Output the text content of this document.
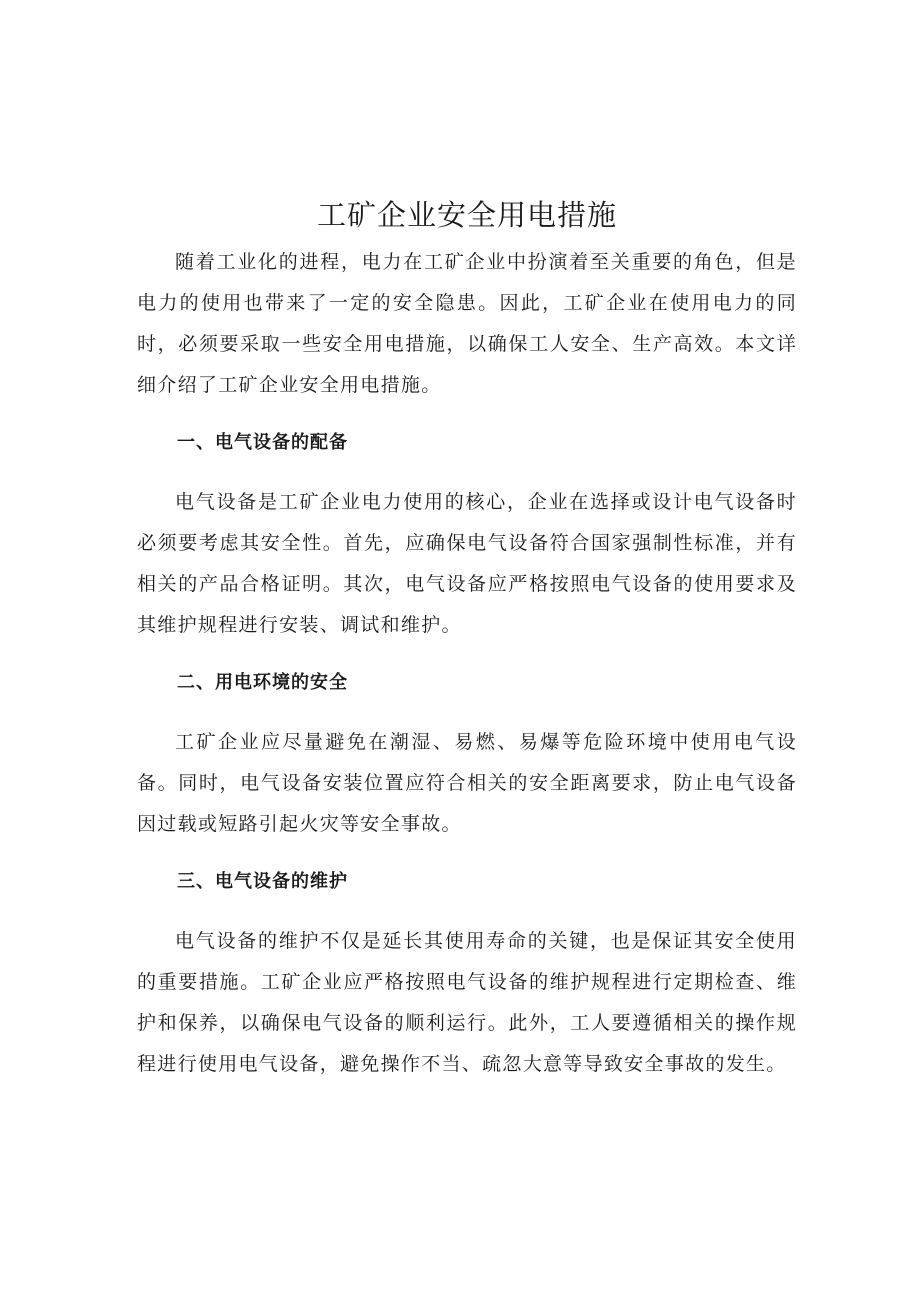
工矿企业安全用电措施

随着工业化的进程，电力在工矿企业中扮演着至关重要的角色，但是电力的使用也带来了一定的安全隐患。因此，工矿企业在使用电力的同时，必须要采取一些安全用电措施，以确保工人安全、生产高效。本文详细介绍了工矿企业安全用电措施。

一、电气设备的配备

电气设备是工矿企业电力使用的核心，企业在选择或设计电气设备时必须要考虑其安全性。首先，应确保电气设备符合国家强制性标准，并有相关的产品合格证明。其次，电气设备应严格按照电气设备的使用要求及其维护规程进行安装、调试和维护。

二、用电环境的安全

工矿企业应尽量避免在潮湿、易燃、易爆等危险环境中使用电气设备。同时，电气设备安装位置应符合相关的安全距离要求，防止电气设备因过载或短路引起火灾等安全事故。

三、电气设备的维护

电气设备的维护不仅是延长其使用寿命的关键，也是保证其安全使用的重要措施。工矿企业应严格按照电气设备的维护规程进行定期检查、维护和保养，以确保电气设备的顺利运行。此外，工人要遵循相关的操作规程进行使用电气设备，避免操作不当、疏忽大意等导致安全事故的发生。
